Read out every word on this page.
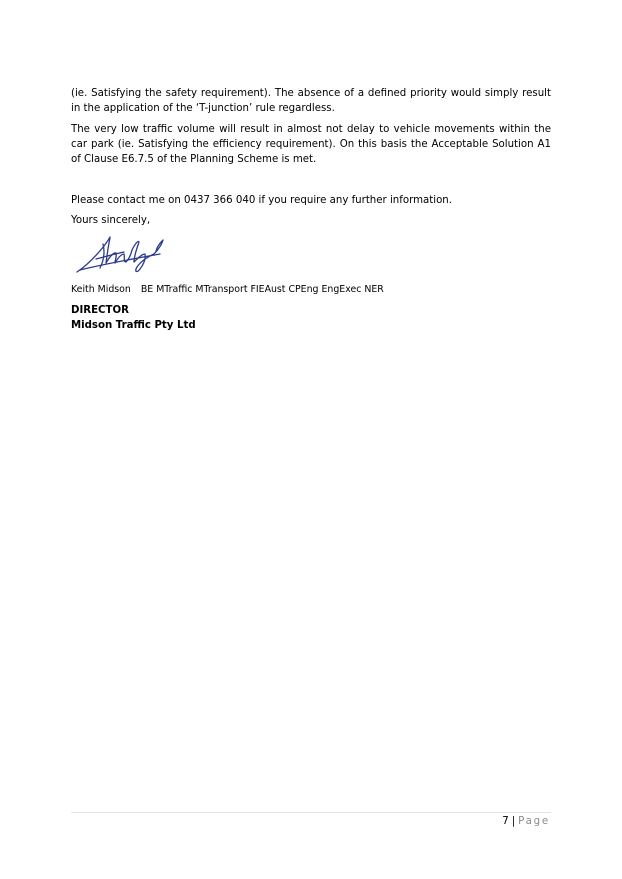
(ie. Satisfying the safety requirement). The absence of a defined priority would simply result in the application of the ‘T-junction’ rule regardless.

The very low traffic volume will result in almost not delay to vehicle movements within the car park (ie. Satisfying the efficiency requirement). On this basis the Acceptable Solution A1 of Clause E6.7.5 of the Planning Scheme is met.

Please contact me on 0437 366 040 if you require any further information.

Yours sincerely,

Keith Midson BE MTraffic MTransport FIEAust CPEng EngExec NER
DIRECTOR
Midson Traffic Pty Ltd
7 | Page
